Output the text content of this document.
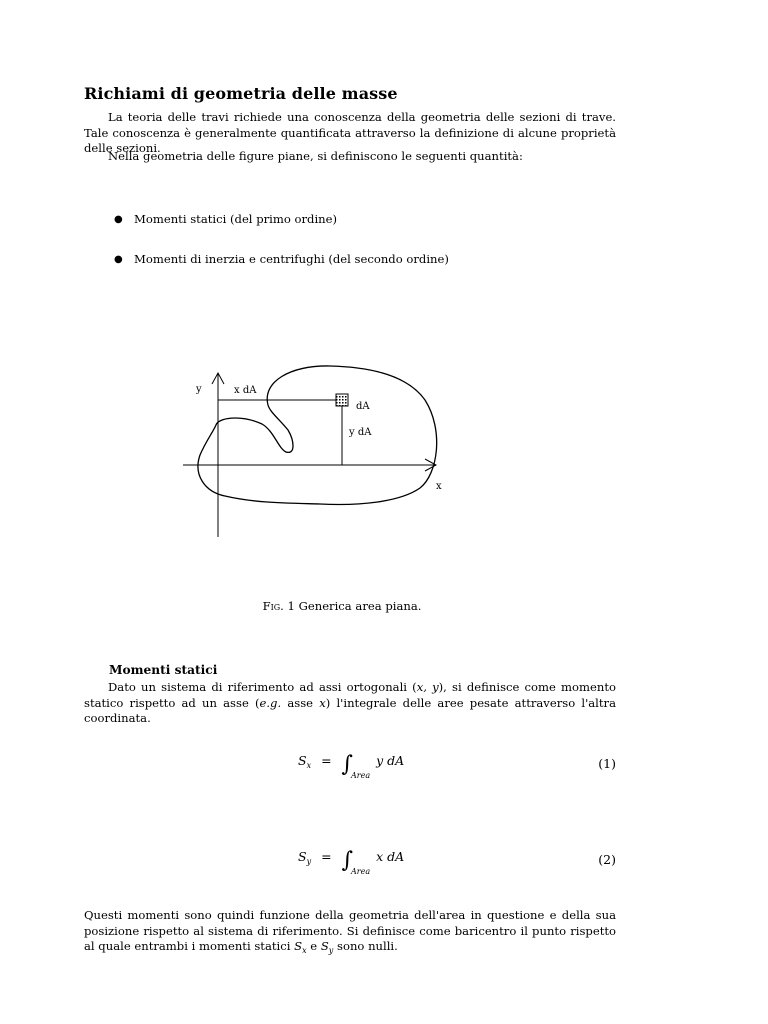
Richiami di geometria delle masse
La teoria delle travi richiede una conoscenza della geometria delle sezioni di trave. Tale conoscenza è generalmente quantificata attraverso la definizione di alcune proprietà delle sezioni.
Nella geometria delle figure piane, si definiscono le seguenti quantità:
● Momenti statici (del primo ordine)
● Momenti di inerzia e centrifughi (del secondo ordine)
y
x
x dA
dA
y dA
Fig. 1 Generica area piana.
Momenti statici
Dato un sistema di riferimento ad assi ortogonali (x, y), si definisce come momento statico rispetto ad un asse (e.g. asse x) l'integrale delle aree pesate attraverso l'altra coordinata.
$S_x = \int_{Area}$ y dA	(1)
$S_y = \int_{Area}$ x dA	(2)
Questi momenti sono quindi funzione della geometria dell'area in questione e della sua posizione rispetto al sistema di riferimento. Si definisce come baricentro il punto rispetto al quale entrambi i momenti statici $S_x$ e $S_y$ sono nulli.
